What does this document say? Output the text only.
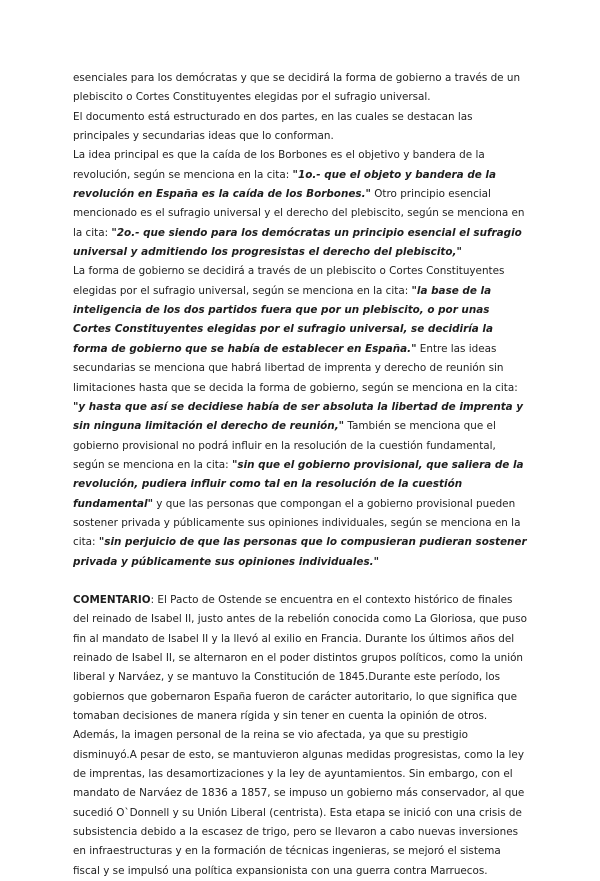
esenciales para los demócratas y que se decidirá la forma de gobierno a través de un plebiscito o Cortes Constituyentes elegidas por el sufragio universal.

El documento está estructurado en dos partes, en las cuales se destacan las principales y secundarias ideas que lo conforman.

La idea principal es que la caída de los Borbones es el objetivo y bandera de la revolución, según se menciona en la cita: "1o.- que el objeto y bandera de la revolución en España es la caída de los Borbones." Otro principio esencial mencionado es el sufragio universal y el derecho del plebiscito, según se menciona en la cita: "2o.- que siendo para los demócratas un principio esencial el sufragio universal y admitiendo los progresistas el derecho del plebiscito,"

La forma de gobierno se decidirá a través de un plebiscito o Cortes Constituyentes elegidas por el sufragio universal, según se menciona en la cita: "la base de la inteligencia de los dos partidos fuera que por un plebiscito, o por unas Cortes Constituyentes elegidas por el sufragio universal, se decidiría la forma de gobierno que se había de establecer en España." Entre las ideas secundarias se menciona que habrá libertad de imprenta y derecho de reunión sin limitaciones hasta que se decida la forma de gobierno, según se menciona en la cita: "y hasta que así se decidiese había de ser absoluta la libertad de imprenta y sin ninguna limitación el derecho de reunión," También se menciona que el gobierno provisional no podrá influir en la resolución de la cuestión fundamental, según se menciona en la cita: "sin que el gobierno provisional, que saliera de la revolución, pudiera influir como tal en la resolución de la cuestión fundamental" y que las personas que compongan el a gobierno provisional pueden sostener privada y públicamente sus opiniones individuales, según se menciona en la cita: "sin perjuicio de que las personas que lo compusieran pudieran sostener privada y públicamente sus opiniones individuales."

COMENTARIO: El Pacto de Ostende se encuentra en el contexto histórico de finales del reinado de Isabel II, justo antes de la rebelión conocida como La Gloriosa, que puso fin al mandato de Isabel II y la llevó al exilio en Francia. Durante los últimos años del reinado de Isabel II, se alternaron en el poder distintos grupos políticos, como la unión liberal y Narváez, y se mantuvo la Constitución de 1845.Durante este período, los gobiernos que gobernaron España fueron de carácter autoritario, lo que significa que tomaban decisiones de manera rígida y sin tener en cuenta la opinión de otros. Además, la imagen personal de la reina se vio afectada, ya que su prestigio disminuyó.A pesar de esto, se mantuvieron algunas medidas progresistas, como la ley de imprentas, las desamortizaciones y la ley de ayuntamientos. Sin embargo, con el mandato de Narváez de 1836 a 1857, se impuso un gobierno más conservador, al que sucedió O`Donnell y su Unión Liberal (centrista). Esta etapa se inició con una crisis de subsistencia debido a la escasez de trigo, pero se llevaron a cabo nuevas inversiones en infraestructuras y en la formación de técnicas ingenieras, se mejoró el sistema fiscal y se impulsó una política expansionista con una guerra contra Marruecos.
